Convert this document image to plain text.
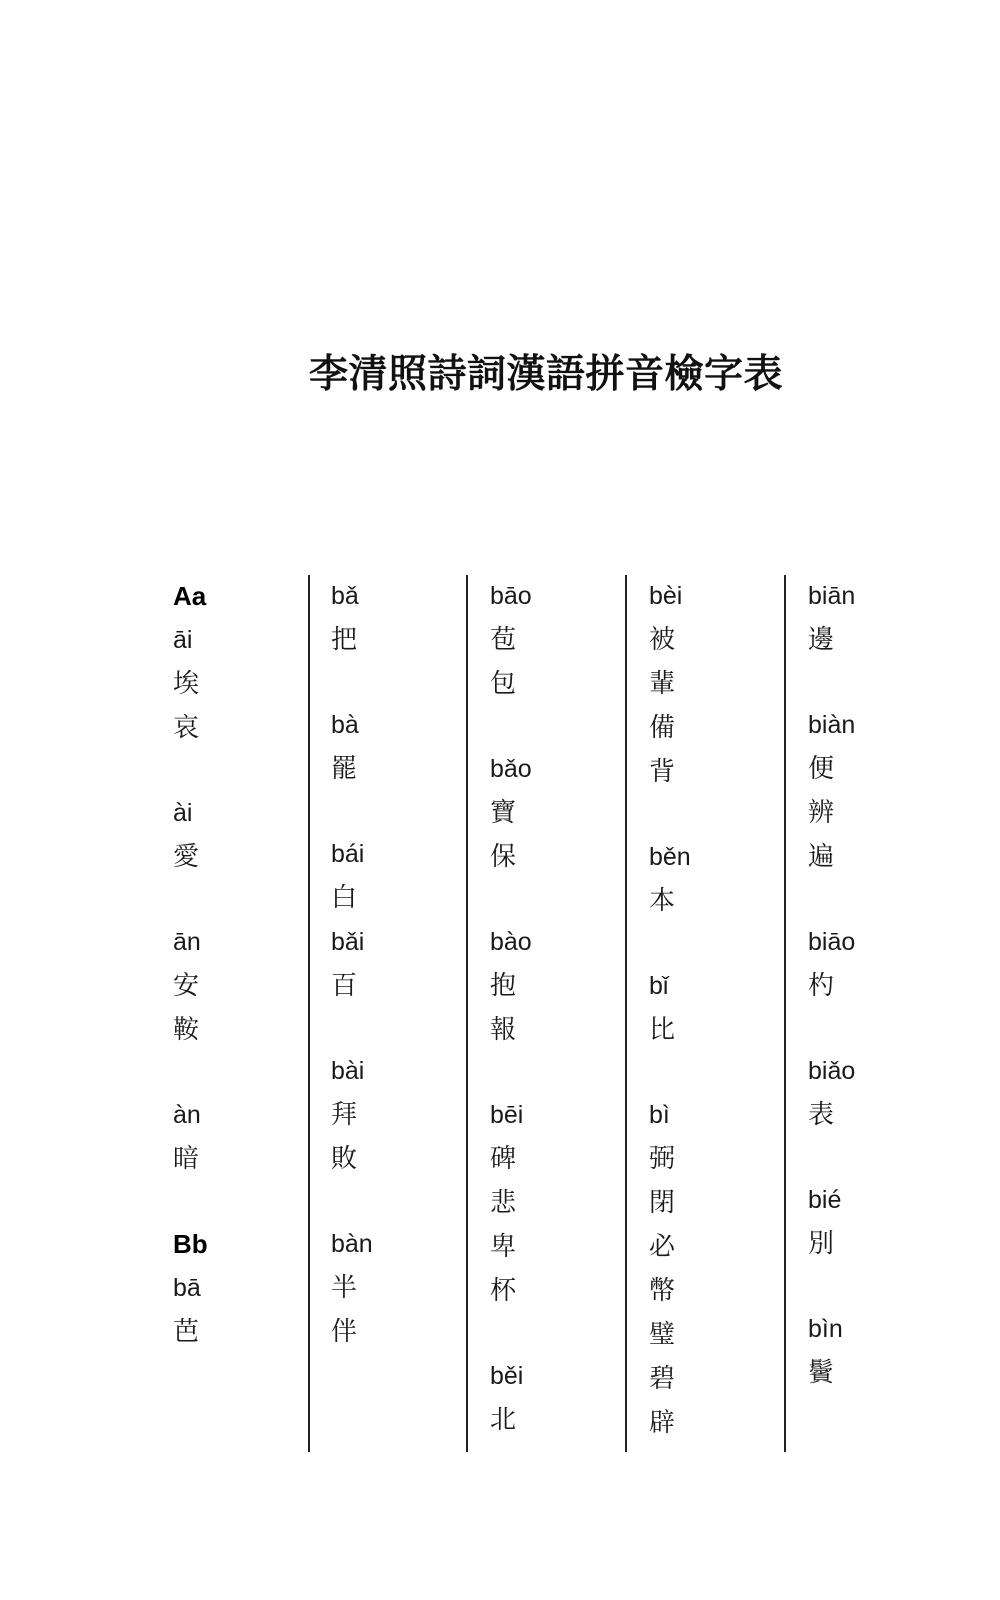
李清照詩詞漢語拼音檢字表
Aa
āi
埃
哀
ài
愛
ān
安
鞍
àn
暗
Bb
bā
芭
bǎ
把
bà
罷
bái
白
bǎi
百
bài
拜
敗
bàn
半
伴
bāo
苞
包
bǎo
寶
保
bào
抱
報
bēi
碑
悲
卑
杯
běi
北
bèi
被
輩
備
背
běn
本
bǐ
比
bì
弼
閉
必
幣
璧
碧
辟
biān
邊
biàn
便
辨
遍
biāo
杓
biǎo
表
bié
別
bìn
鬢
